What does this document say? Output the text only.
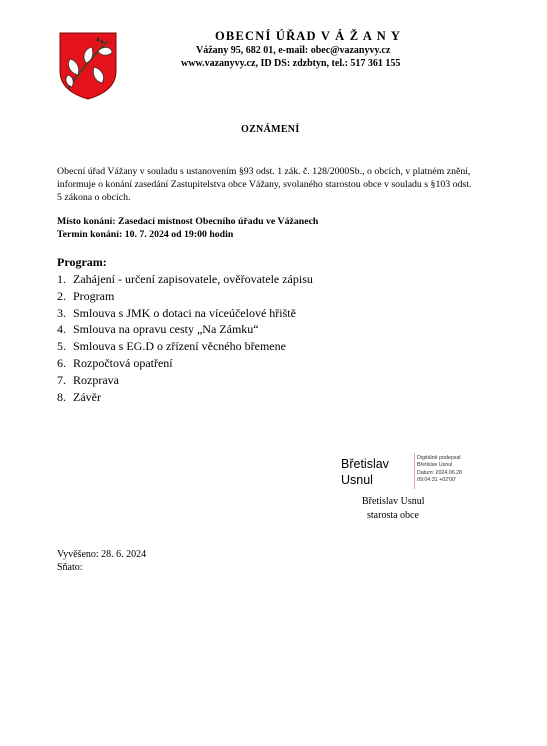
OBECNÍ ÚŘAD V Á Ž A N Y
Vážany 95, 682 01, e-mail: obec@vazanyvy.cz
www.vazanyvy.cz, ID DS: zdzbtyn, tel.: 517 361 155
OZNÁMENÍ
Obecní úřad Vážany v souladu s ustanovením §93 odst. 1 zák. č. 128/2000Sb., o obcích, v platném znění, informuje o konání zasedání Zastupitelstva obce Vážany, svolaného starostou obce v souladu s §103 odst. 5 zákona o obcích.
Místo konání: Zasedací místnost Obecního úřadu ve Vážanech
Termín konání: 10. 7. 2024 od 19:00 hodin
Program:
1. Zahájení - určení zapisovatele, ověřovatele zápisu
2. Program
3. Smlouva s JMK o dotaci na víceúčelové hřiště
4. Smlouva na opravu cesty „Na Zámku“
5. Smlouva s EG.D o zřízení věcného břemene
6. Rozpočtová opatření
7. Rozprava
8. Závěr
Břetislav
Usnul
Digitálně podepsal
Břetislav Usnul
Datum: 2024.06.28
09:04:31 +02'00'
Břetislav Usnul
starosta obce
Vyvěšeno: 28. 6. 2024
Sňato:
